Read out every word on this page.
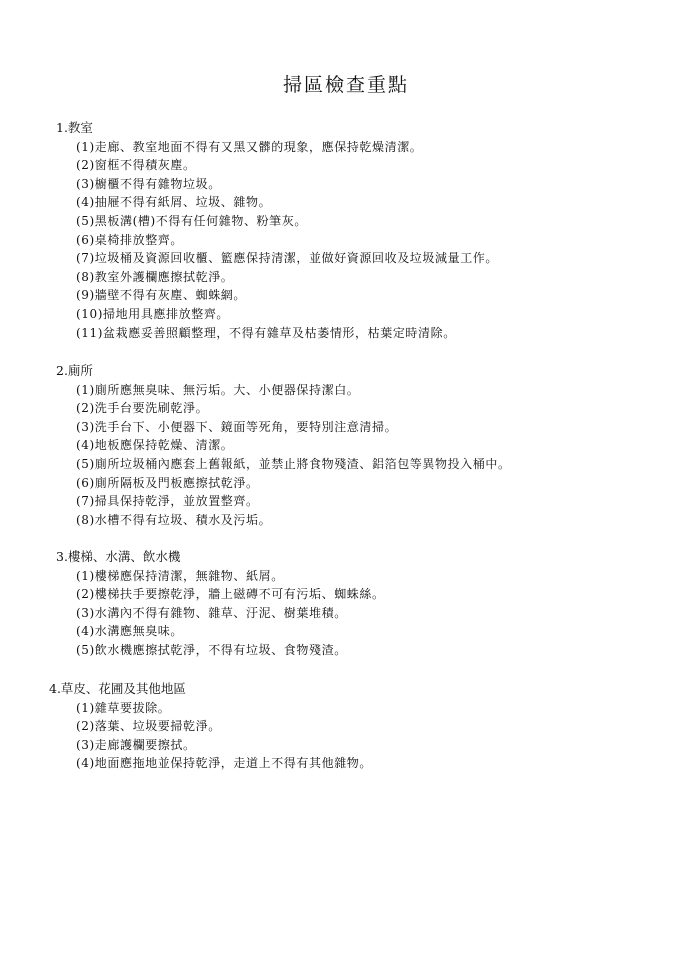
掃區檢查重點
1.教室
(1)走廊、教室地面不得有又黑又髒的現象，應保持乾燥清潔。
(2)窗框不得積灰塵。
(3)櫥櫃不得有雜物垃圾。
(4)抽屜不得有紙屑、垃圾、雜物。
(5)黑板溝(槽)不得有任何雜物、粉筆灰。
(6)桌椅排放整齊。
(7)垃圾桶及資源回收櫃、籃應保持清潔，並做好資源回收及垃圾減量工作。
(8)教室外護欄應擦拭乾淨。
(9)牆壁不得有灰塵、蜘蛛網。
(10)掃地用具應排放整齊。
(11)盆栽應妥善照顧整理，不得有雜草及枯萎情形，枯葉定時清除。
2.廁所
(1)廁所應無臭味、無污垢。大、小便器保持潔白。
(2)洗手台要洗刷乾淨。
(3)洗手台下、小便器下、鏡面等死角，要特別注意清掃。
(4)地板應保持乾燥、清潔。
(5)廁所垃圾桶內應套上舊報紙，並禁止將食物殘渣、鋁箔包等異物投入桶中。
(6)廁所隔板及門板應擦拭乾淨。
(7)掃具保持乾淨，並放置整齊。
(8)水槽不得有垃圾、積水及污垢。
3.樓梯、水溝、飲水機
(1)樓梯應保持清潔，無雜物、紙屑。
(2)樓梯扶手要擦乾淨，牆上磁磚不可有污垢、蜘蛛絲。
(3)水溝內不得有雜物、雜草、汙泥、樹葉堆積。
(4)水溝應無臭味。
(5)飲水機應擦拭乾淨，不得有垃圾、食物殘渣。
4.草皮、花圃及其他地區
(1)雜草要拔除。
(2)落葉、垃圾要掃乾淨。
(3)走廊護欄要擦拭。
(4)地面應拖地並保持乾淨，走道上不得有其他雜物。
